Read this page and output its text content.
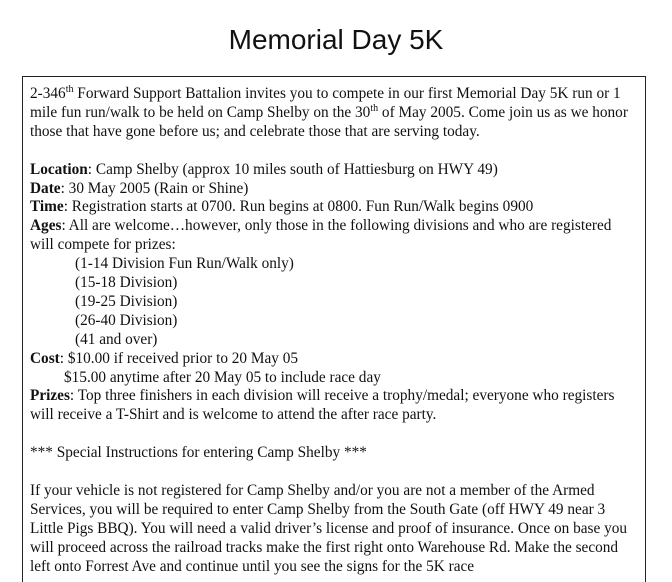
Memorial Day 5K

2-346th Forward Support Battalion invites you to compete in our first Memorial Day 5K run or 1 mile fun run/walk to be held on Camp Shelby on the 30th of May 2005. Come join us as we honor those that have gone before us; and celebrate those that are serving today.

Location: Camp Shelby (approx 10 miles south of Hattiesburg on HWY 49)

Date: 30 May 2005 (Rain or Shine)

Time: Registration starts at 0700. Run begins at 0800. Fun Run/Walk begins 0900

Ages: All are welcome…however, only those in the following divisions and who are registered will compete for prizes:

(1-14 Division Fun Run/Walk only)

(15-18 Division)

(19-25 Division)

(26-40 Division)

(41 and over)

Cost: $10.00 if received prior to 20 May 05

$15.00 anytime after 20 May 05 to include race day

Prizes: Top three finishers in each division will receive a trophy/medal; everyone who registers will receive a T-Shirt and is welcome to attend the after race party.

*** Special Instructions for entering Camp Shelby ***

If your vehicle is not registered for Camp Shelby and/or you are not a member of the Armed Services, you will be required to enter Camp Shelby from the South Gate (off HWY 49 near 3 Little Pigs BBQ). You will need a valid driver’s license and proof of insurance. Once on base you will proceed across the railroad tracks make the first right onto Warehouse Rd. Make the second left onto Forrest Ave and continue until you see the signs for the 5K race
